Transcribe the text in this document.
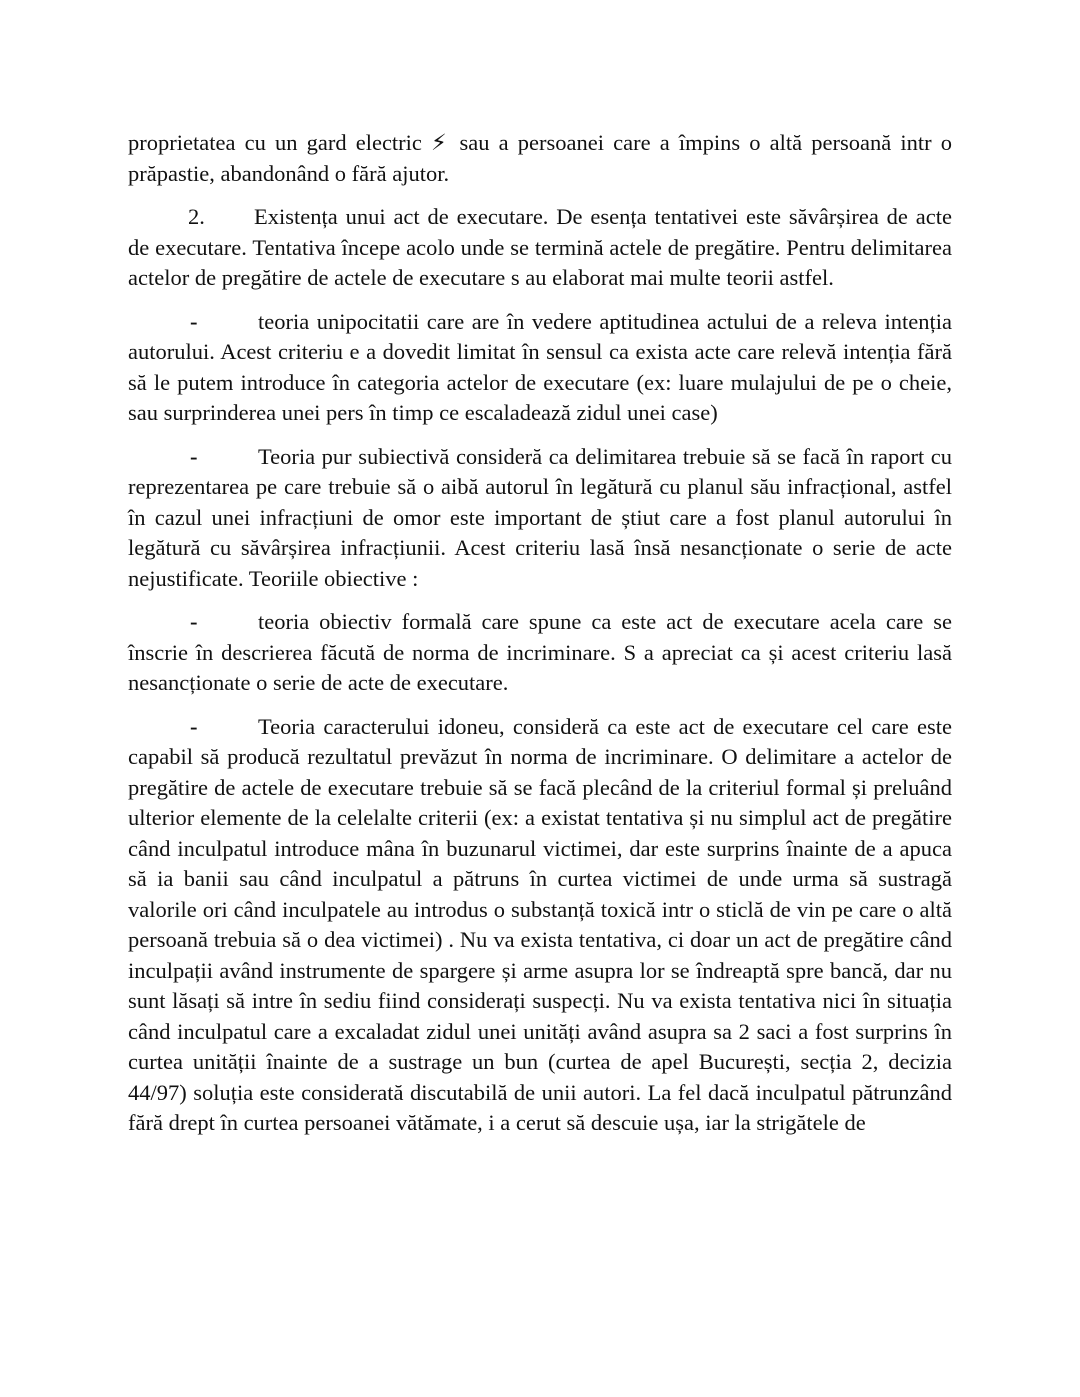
proprietatea cu un gard electric ⚡︎ sau a persoanei care a împins o altă persoană intr o prăpastie, abandonând o fără ajutor.

2. Existența unui act de executare. De esența tentativei este săvârșirea de acte de executare. Tentativa începe acolo unde se termină actele de pregătire. Pentru delimitarea actelor de pregătire de actele de executare s au elaborat mai multe teorii astfel.

-	teoria unipocitatii care are în vedere aptitudinea actului de a releva intenția autorului. Acest criteriu e a dovedit limitat în sensul ca exista acte care relevă intenția fără să le putem introduce în categoria actelor de executare (ex: luare mulajului de pe o cheie, sau surprinderea unei pers în timp ce escaladează zidul unei case)

-	Teoria pur subiectivă consideră ca delimitarea trebuie să se facă în raport cu reprezentarea pe care trebuie să o aibă autorul în legătură cu planul său infracțional, astfel în cazul unei infracțiuni de omor este important de știut care a fost planul autorului în legătură cu săvârșirea infracțiunii. Acest criteriu lasă însă nesancționate o serie de acte nejustificate. Teoriile obiective :

-	teoria obiectiv formală care spune ca este act de executare acela care se înscrie în descrierea făcută de norma de incriminare. S a apreciat ca și acest criteriu lasă nesancționate o serie de acte de executare.

-	Teoria caracterului idoneu, consideră ca este act de executare cel care este capabil să producă rezultatul prevăzut în norma de incriminare. O delimitare a actelor de pregătire de actele de executare trebuie să se facă plecând de la criteriul formal și preluând ulterior elemente de la celelalte criterii (ex: a existat tentativa și nu simplul act de pregătire când inculpatul introduce mâna în buzunarul victimei, dar este surprins înainte de a apuca să ia banii sau când inculpatul a pătruns în curtea victimei de unde urma să sustragă valorile ori când inculpatele au introdus o substanță toxică intr o sticlă de vin pe care o altă persoană trebuia să o dea victimei) . Nu va exista tentativa, ci doar un act de pregătire când inculpații având instrumente de spargere și arme asupra lor se îndreaptă spre bancă, dar nu sunt lăsați să intre în sediu fiind considerați suspecți. Nu va exista tentativa nici în situația când inculpatul care a excaladat zidul unei unități având asupra sa 2 saci a fost surprins în curtea unității înainte de a sustrage un bun (curtea de apel București, secția 2, decizia 44/97) soluția este considerată discutabilă de unii autori. La fel dacă inculpatul pătrunzând fără drept în curtea persoanei vătămate, i a cerut să descuie ușa, iar la strigătele de
